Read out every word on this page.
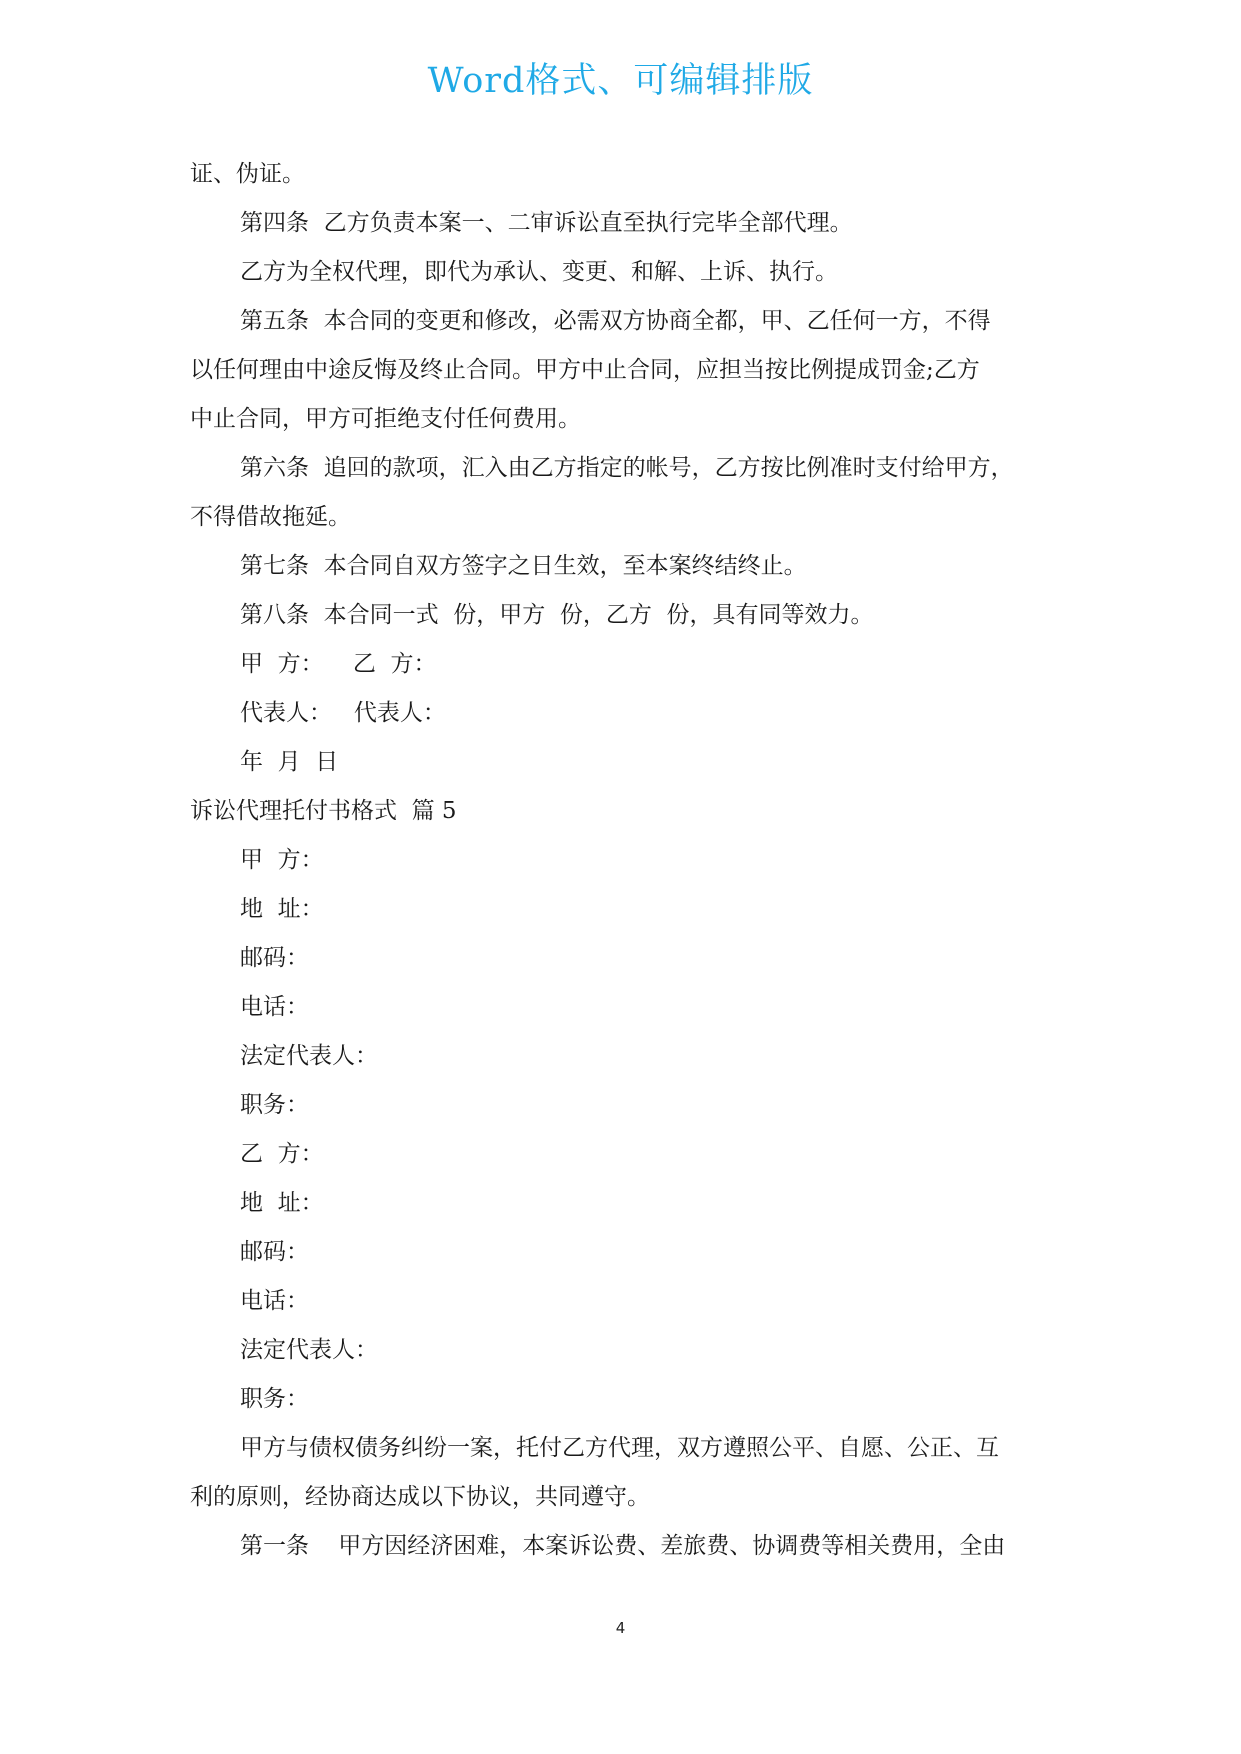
Word格式、可编辑排版
证、伪证。
第四条  乙方负责本案一、二审诉讼直至执行完毕全部代理。
乙方为全权代理，即代为承认、变更、和解、上诉、执行。
第五条  本合同的变更和修改，必需双方协商全都，甲、乙任何一方，不得
以任何理由中途反悔及终止合同。甲方中止合同，应担当按比例提成罚金;乙方
中止合同，甲方可拒绝支付任何费用。
第六条  追回的款项，汇入由乙方指定的帐号，乙方按比例准时支付给甲方，
不得借故拖延。
第七条  本合同自双方签字之日生效，至本案终结终止。
第八条  本合同一式  份，甲方  份，乙方  份，具有同等效力。
甲  方：    乙  方：
代表人：   代表人：
年  月  日
诉讼代理托付书格式  篇 5
甲  方：
地  址：
邮码：
电话：
法定代表人：
职务：
乙  方：
地  址：
邮码：
电话：
法定代表人：
职务：
甲方与债权债务纠纷一案，托付乙方代理，双方遵照公平、自愿、公正、互
利的原则，经协商达成以下协议，共同遵守。
第一条    甲方因经济困难，本案诉讼费、差旅费、协调费等相关费用，全由
4
